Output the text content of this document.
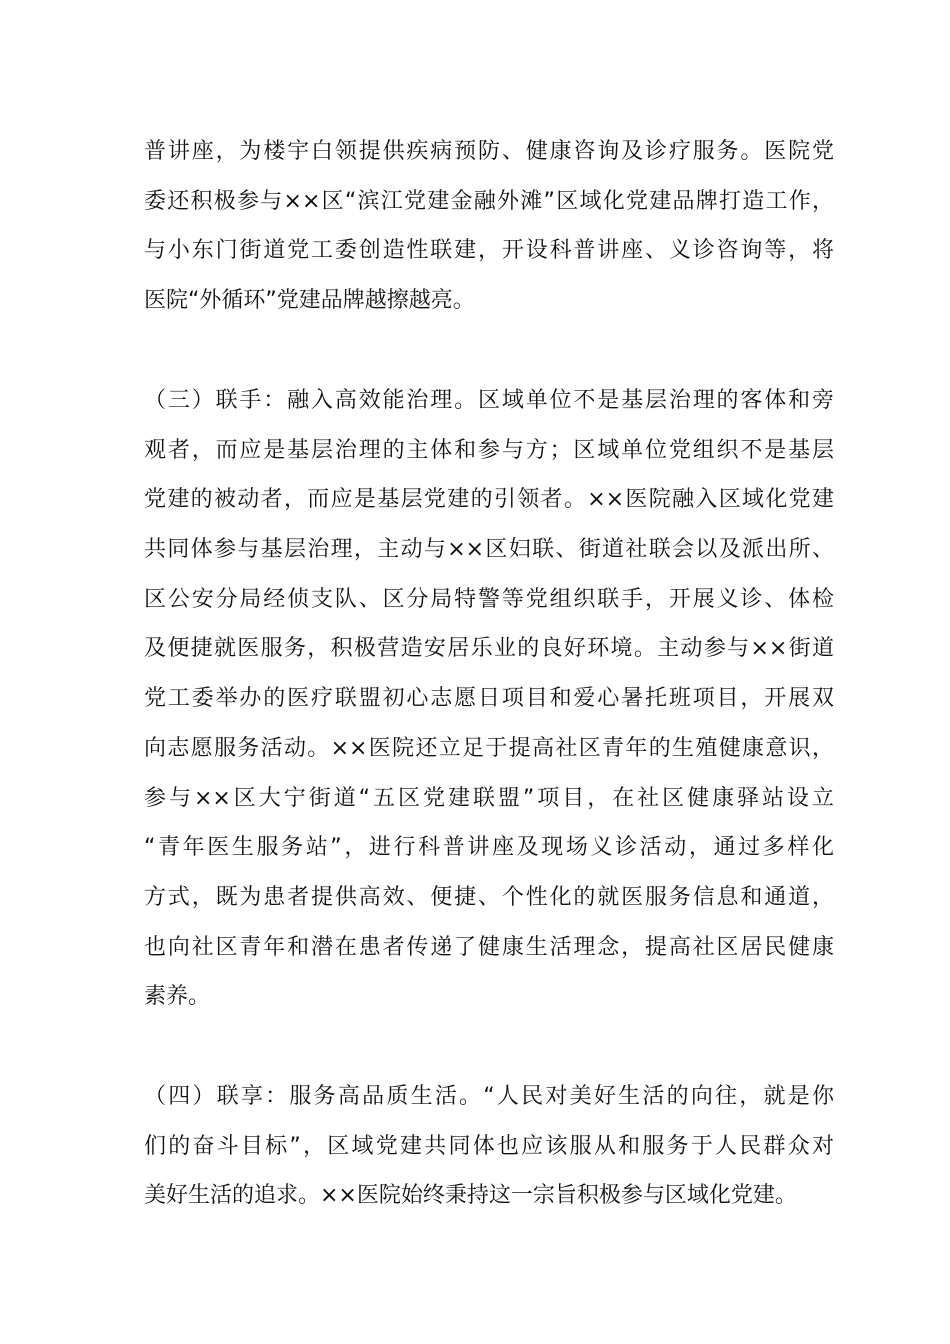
普讲座，为楼宇白领提供疾病预防、健康咨询及诊疗服务。医院党
委还积极参与××区“滨江党建金融外滩”区域化党建品牌打造工作，
与小东门街道党工委创造性联建，开设科普讲座、义诊咨询等，将
医院“外循环”党建品牌越擦越亮。
（三）联手：融入高效能治理。区域单位不是基层治理的客体和旁
观者，而应是基层治理的主体和参与方；区域单位党组织不是基层
党建的被动者，而应是基层党建的引领者。××医院融入区域化党建
共同体参与基层治理，主动与××区妇联、街道社联会以及派出所、
区公安分局经侦支队、区分局特警等党组织联手，开展义诊、体检
及便捷就医服务，积极营造安居乐业的良好环境。主动参与××街道
党工委举办的医疗联盟初心志愿日项目和爱心暑托班项目，开展双
向志愿服务活动。××医院还立足于提高社区青年的生殖健康意识，
参与××区大宁街道“五区党建联盟”项目，在社区健康驿站设立
“青年医生服务站”，进行科普讲座及现场义诊活动，通过多样化
方式，既为患者提供高效、便捷、个性化的就医服务信息和通道，
也向社区青年和潜在患者传递了健康生活理念，提高社区居民健康
素养。
（四）联享：服务高品质生活。“人民对美好生活的向往，就是你
们的奋斗目标”，区域党建共同体也应该服从和服务于人民群众对
美好生活的追求。××医院始终秉持这一宗旨积极参与区域化党建。
